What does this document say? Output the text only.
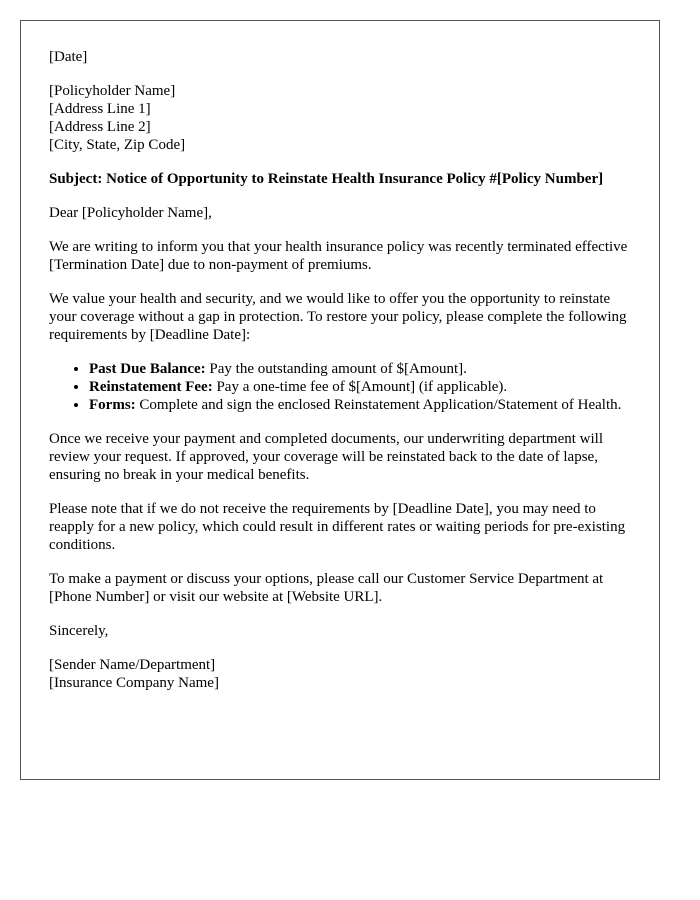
[Date]
[Policyholder Name]
[Address Line 1]
[Address Line 2]
[City, State, Zip Code]
Subject: Notice of Opportunity to Reinstate Health Insurance Policy #[Policy Number]

Dear [Policyholder Name],

We are writing to inform you that your health insurance policy was recently terminated effective [Termination Date] due to non-payment of premiums.

We value your health and security, and we would like to offer you the opportunity to reinstate your coverage without a gap in protection. To restore your policy, please complete the following requirements by [Deadline Date]:

• Past Due Balance: Pay the outstanding amount of $[Amount].
• Reinstatement Fee: Pay a one-time fee of $[Amount] (if applicable).
• Forms: Complete and sign the enclosed Reinstatement Application/Statement of Health.

Once we receive your payment and completed documents, our underwriting department will review your request. If approved, your coverage will be reinstated back to the date of lapse, ensuring no break in your medical benefits.

Please note that if we do not receive the requirements by [Deadline Date], you may need to reapply for a new policy, which could result in different rates or waiting periods for pre-existing conditions.

To make a payment or discuss your options, please call our Customer Service Department at [Phone Number] or visit our website at [Website URL].

Sincerely,

[Sender Name/Department]
[Insurance Company Name]
